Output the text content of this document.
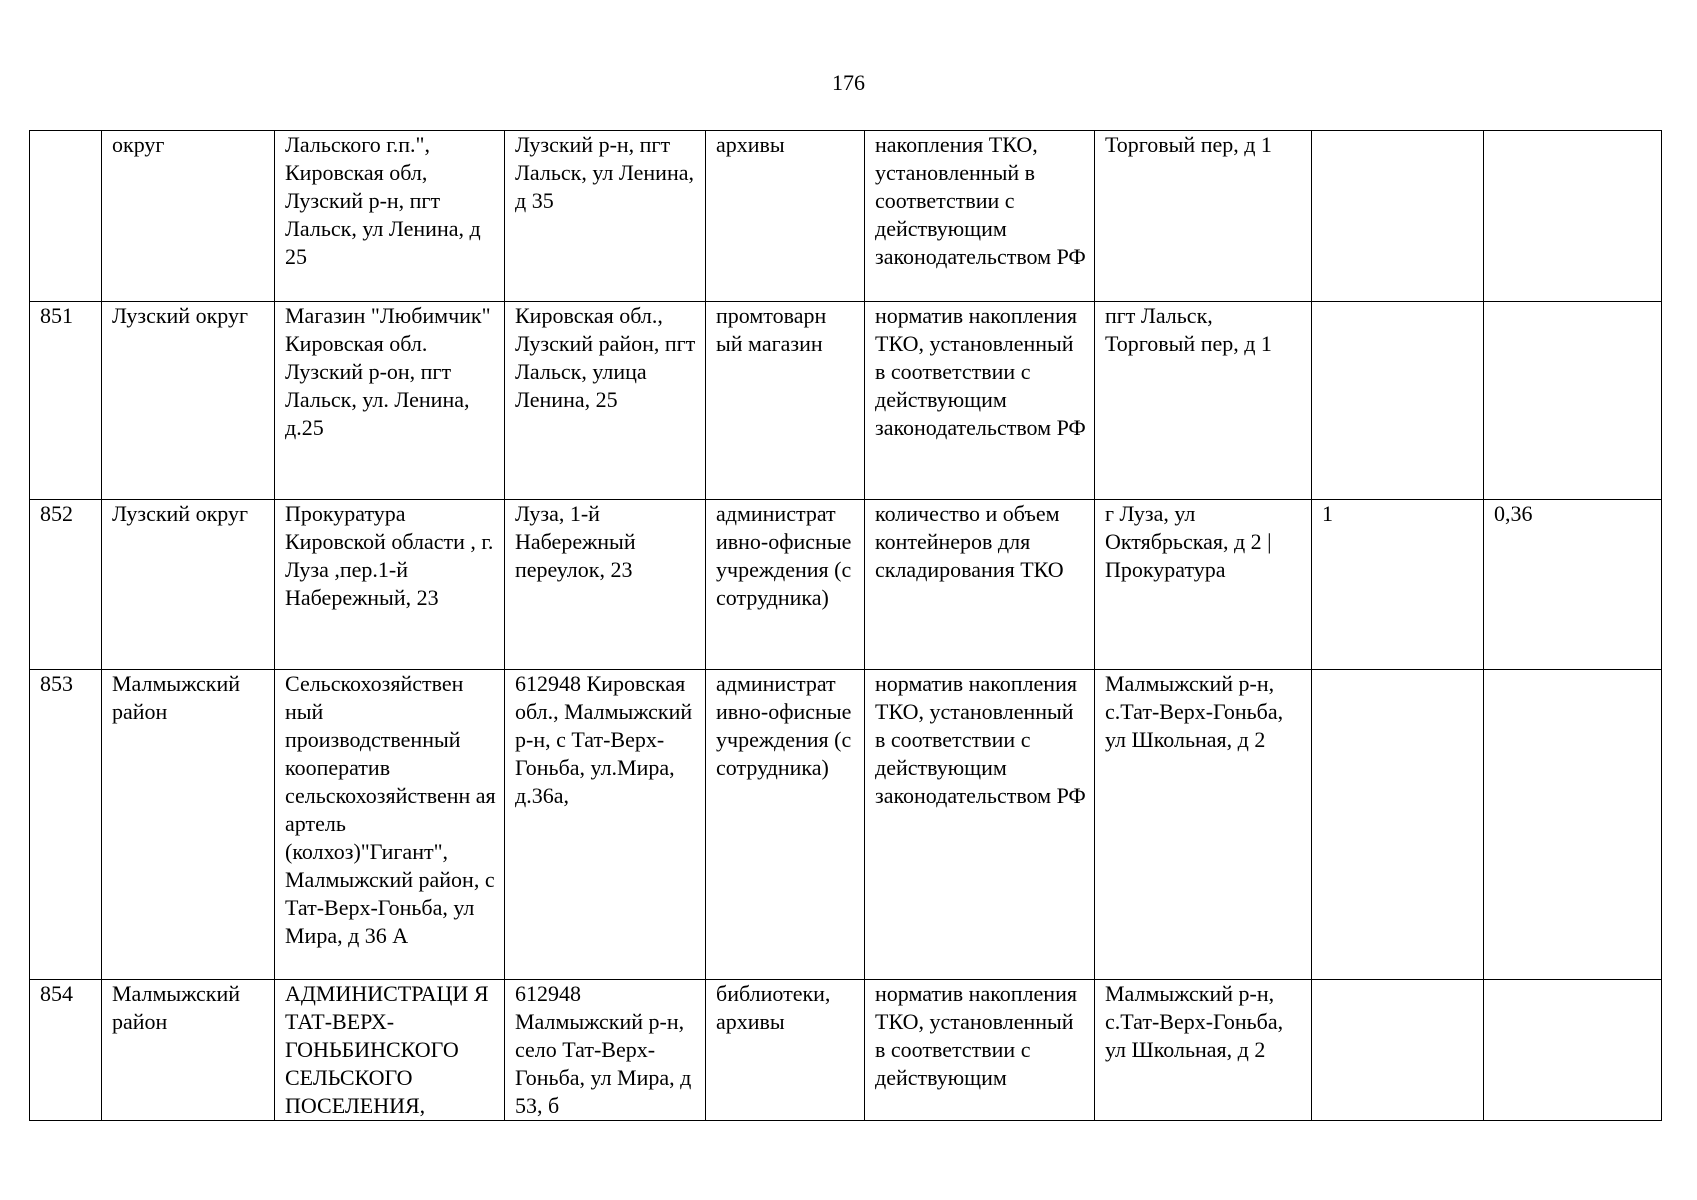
176
	округ	Лальского г.п.", Кировская обл, Лузский р-н, пгт Лальск, ул Ленина, д 25	Лузский р-н, пгт Лальск, ул Ленина, д 35	архивы	накопления ТКО, установленный в соответствии с действующим законодательством РФ	Торговый пер, д 1		
851	Лузский округ	Магазин "Любимчик" Кировская обл. Лузский р-он, пгт Лальск, ул. Ленина, д.25	Кировская обл., Лузский район, пгт Лальск, улица Ленина, 25	промтоварн ый магазин	норматив накопления ТКО, установленный в соответствии с действующим законодательством РФ	пгт Лальск, Торговый пер, д 1		
852	Лузский округ	Прокуратура Кировской области , г. Луза ,пер.1-й Набережный, 23	Луза, 1-й Набережный переулок, 23	администрат ивно-офисные учреждения (с сотрудника)	количество и объем контейнеров для складирования ТКО	г Луза, ул Октябрьская, д 2 | Прокуратура	1	0,36
853	Малмыжский район	Сельскохозяйствен ный производственный кооператив сельскохозяйственн ая артель (колхоз)"Гигант", Малмыжский район, с Тат-Верх-Гоньба, ул Мира, д 36 А	612948 Кировская обл., Малмыжский р-н, с Тат-Верх-Гоньба, ул.Мира, д.36а,	администрат ивно-офисные учреждения (с сотрудника)	норматив накопления ТКО, установленный в соответствии с действующим законодательством РФ	Малмыжский р-н, с.Тат-Верх-Гоньба, ул Школьная, д 2		
854	Малмыжский район	АДМИНИСТРАЦИ Я ТАТ-ВЕРХ-ГОНЬБИНСКОГО СЕЛЬСКОГО ПОСЕЛЕНИЯ,	612948 Малмыжский р-н, село Тат-Верх-Гоньба, ул Мира, д 53, б	библиотеки, архивы	норматив накопления ТКО, установленный в соответствии с действующим	Малмыжский р-н, с.Тат-Верх-Гоньба, ул Школьная, д 2		
